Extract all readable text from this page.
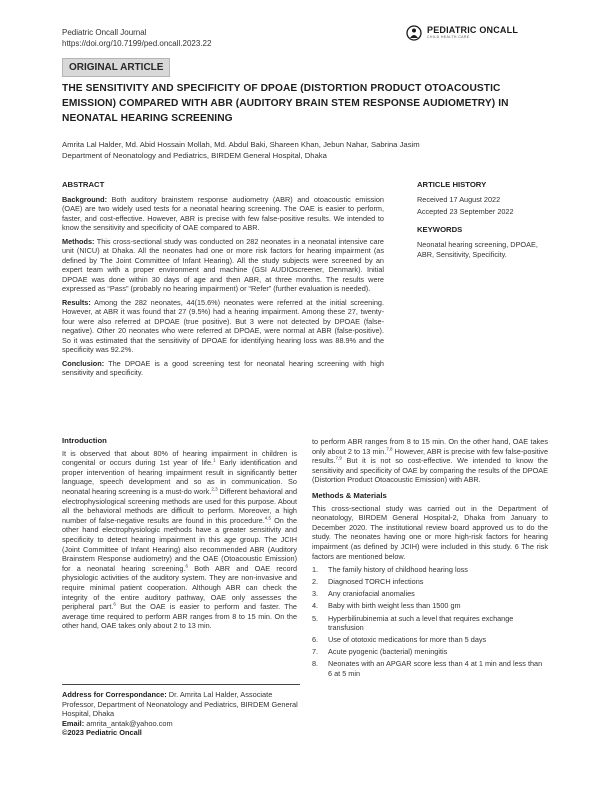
Pediatric Oncall Journal
https://doi.org/10.7199/ped.oncall.2023.22
PEDIATRIC ONCALL
CHILD HEALTH CARE
ORIGINAL ARTICLE
THE SENSITIVITY AND SPECIFICITY OF DPOAE (DISTORTION PRODUCT OTOACOUSTIC EMISSION) COMPARED WITH ABR (AUDITORY BRAIN STEM RESPONSE AUDIOMETRY) IN NEONATAL HEARING SCREENING
Amrita Lal Halder, Md. Abid Hossain Mollah, Md. Abdul Baki, Shareen Khan, Jebun Nahar, Sabrina Jasim
Department of Neonatology and Pediatrics, BIRDEM General Hospital, Dhaka
ABSTRACT

Background: Both auditory brainstem response audiometry (ABR) and otoacoustic emission (OAE) are two widely used tests for a neonatal hearing screening. The OAE is easier to perform, faster, and cost-effective. However, ABR is precise with few false-positive results. We intended to know the sensitivity and specificity of OAE compared to ABR.

Methods: This cross-sectional study was conducted on 282 neonates in a neonatal intensive care unit (NICU) at Dhaka. All the neonates had one or more risk factors for hearing impairment (as defined by The Joint Committee of Infant Hearing). All the study subjects were screened by an expert team with a proper environment and machine (GSI AUDIOscreener, Denmark). Initial DPOAE was done within 30 days of age and then ABR, at three months. The results were expressed as “Pass” (probably no hearing impairment) or “Refer” (further evaluation is needed).

Results: Among the 282 neonates, 44(15.6%) neonates were referred at the initial screening. However, at ABR it was found that 27 (9.5%) had a hearing impairment. Among these 27, twenty-four were also referred at DPOAE (true positive). But 3 were not detected by DPOAE (false-negative). Other 20 neonates who were referred at DPOAE, were normal at ABR (false-positive). So it was estimated that the sensitivity of DPOAE for identifying hearing loss was 88.9% and the specificity was 92.2%.

Conclusion: The DPOAE is a good screening test for neonatal hearing screening with high sensitivity and specificity.

ARTICLE HISTORY

Received 17 August 2022

Accepted 23 September 2022

KEYWORDS

Neonatal hearing screening, DPOAE, ABR, Sensitivity, Specificity.

Introduction

It is observed that about 80% of hearing impairment in children is congenital or occurs during 1st year of life.$^1$ Early identification and proper intervention of hearing impairment result in significantly better language, speech development and so as in communication. So neonatal hearing screening is a must-do work.$^{2,3}$ Different behavioral and electrophysiological screening methods are used for this purpose. About all the behavioral methods are difficult to perform. Moreover, a high number of false-negative results are found in this procedure.$^{4,5}$ On the other hand electrophysiologic methods have a greater sensitivity and specificity to detect hearing impairment in this age group. The JCIH (Joint Committee of Infant Hearing) also recommended ABR (Auditory Brainstem Response audiometry) and the OAE (Otoacoustic Emission) for a neonatal hearing screening.$^6$ Both ABR and OAE record physiologic activities of the auditory system. They are non-invasive and require minimal patient cooperation. Although ABR can check the integrity of the entire auditory pathway, OAE only assesses the peripheral part.$^6$ But the OAE is easier to perform and faster. The average time required to perform ABR ranges from 8 to 15 min. On the other hand, OAE takes only about 2 to 13 min.

to perform ABR ranges from 8 to 15 min. On the other hand, OAE takes only about 2 to 13 min.$^{7,8}$ However, ABR is precise with few false-positive results.$^{7,9}$ But it is not so cost-effective. We intended to know the sensitivity and specificity of OAE by comparing the results of the DPOAE (Distortion Product Otoacoustic Emission) with ABR.

Methods & Materials

This cross-sectional study was carried out in the Department of neonatology, BIRDEM General Hospital-2, Dhaka from January to December 2020. The institutional review board approved us to do the study. The neonates having one or more high-risk factors for hearing impairment (as defined by JCIH) were included in this study. 6 The risk factors are mentioned below.

1.	The family history of childhood hearing loss
2.	Diagnosed TORCH infections
3.	Any craniofacial anomalies
4.	Baby with birth weight less than 1500 gm
5.	Hyperbilirubinemia at such a level that requires exchange transfusion
6.	Use of ototoxic medications for more than 5 days
7.	Acute pyogenic (bacterial) meningitis
8.	Neonates with an APGAR score less than 4 at 1 min and less than 6 at 5 min
Address for Correspondance: Dr. Amrita Lal Halder, Associate Professor, Department of Neonatology and Pediatrics, BIRDEM General Hospital, Dhaka
Email: amrita_antak@yahoo.com
©2023 Pediatric Oncall
